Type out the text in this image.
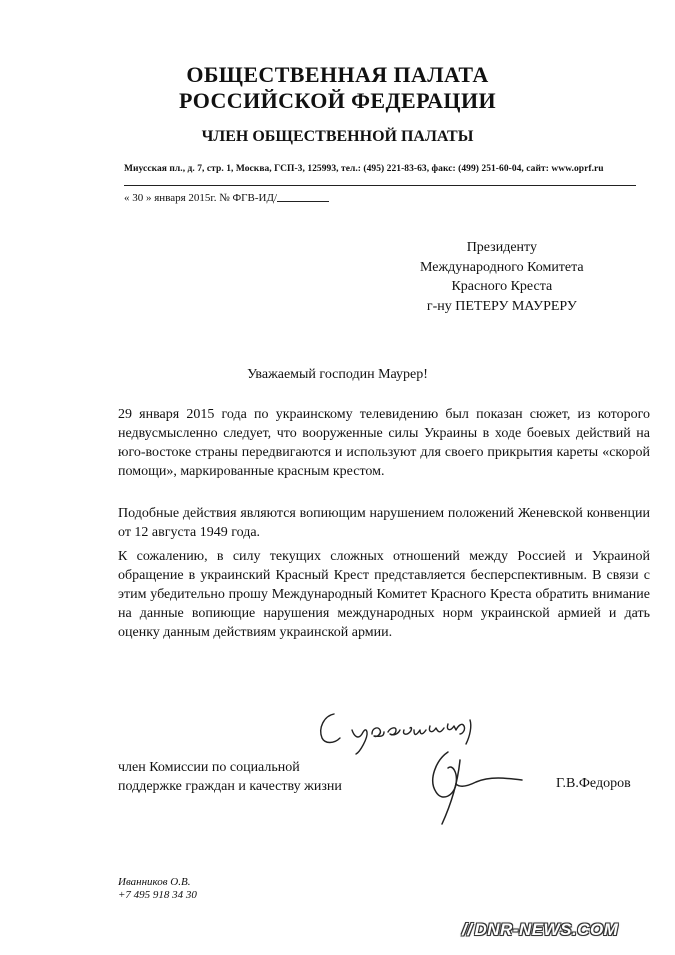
ОБЩЕСТВЕННАЯ ПАЛАТА
РОССИЙСКОЙ ФЕДЕРАЦИИ
ЧЛЕН ОБЩЕСТВЕННОЙ ПАЛАТЫ
Миусская пл., д. 7, стр. 1, Москва, ГСП-3, 125993, тел.: (495) 221-83-63, факс: (499) 251-60-04, сайт: www.oprf.ru
« 30 » января 2015г. № ФГВ-ИД/
Президенту
Международного Комитета
Красного Креста
г-ну ПЕТЕРУ МАУРЕРУ
Уважаемый господин Маурер!
29 января 2015 года по украинскому телевидению был показан сюжет, из которого недвусмысленно следует, что вооруженные силы Украины в ходе боевых действий на юго-востоке страны передвигаются и используют для своего прикрытия кареты «скорой помощи», маркированные красным крестом.
Подобные действия являются вопиющим нарушением положений Женевской конвенции от 12 августа 1949 года.
К сожалению, в силу текущих сложных отношений между Россией и Украиной обращение в украинский Красный Крест представляется бесперспективным. В связи с этим убедительно прошу Международный Комитет Красного Креста обратить внимание на данные вопиющие нарушения международных норм украинской армией и дать оценку данным действиям украинской армии.
член Комиссии по социальной
поддержке граждан и качеству жизни	Г.В.Федоров
Иванников О.В.
+7 495 918 34 30
// DNR-NEWS.COM
